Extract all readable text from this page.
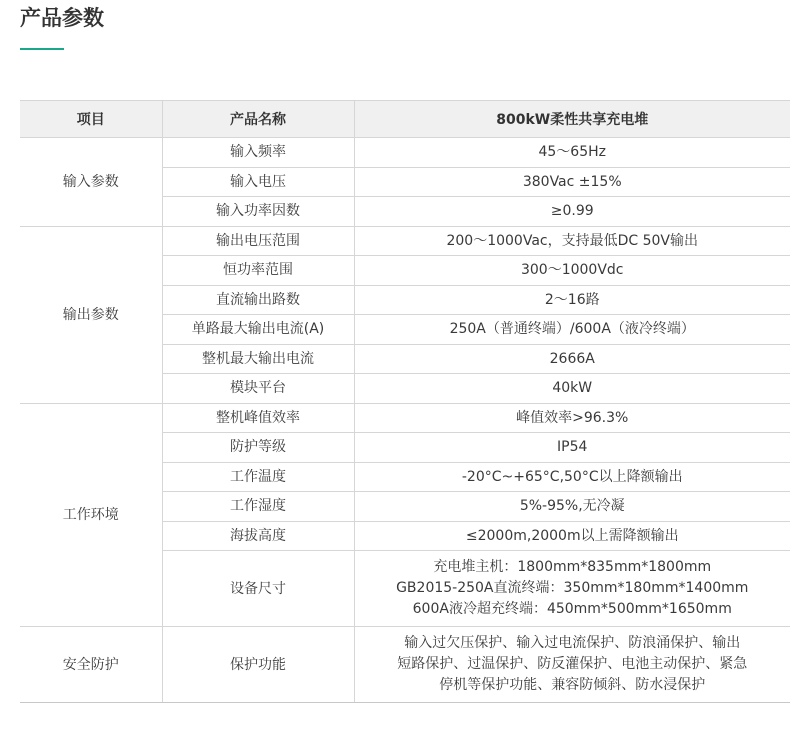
产品参数
项目	产品名称	800kW柔性共享充电堆
输入参数	输入频率	45～65Hz
	输入电压	380Vac ±15%
	输入功率因数	≥0.99
输出参数	输出电压范围	200～1000Vac，支持最低DC 50V输出
	恒功率范围	300～1000Vdc
	直流输出路数	2～16路
	单路最大输出电流(A)	250A（普通终端）/600A（液冷终端）
	整机最大输出电流	2666A
	模块平台	40kW
工作环境	整机峰值效率	峰值效率>96.3%
	防护等级	IP54
	工作温度	-20°C~+65°C,50°C以上降额输出
	工作湿度	5%-95%,无冷凝
	海拔高度	≤2000m,2000m以上需降额输出
	设备尺寸	充电堆主机：1800mm*835mm*1800mm
GB2015-250A直流终端：350mm*180mm*1400mm
600A液冷超充终端：450mm*500mm*1650mm

安全防护	保护功能	输入过欠压保护、输入过电流保护、防浪涌保护、输出
短路保护、过温保护、防反灌保护、电池主动保护、紧急
停机等保护功能、兼容防倾斜、防水浸保护
